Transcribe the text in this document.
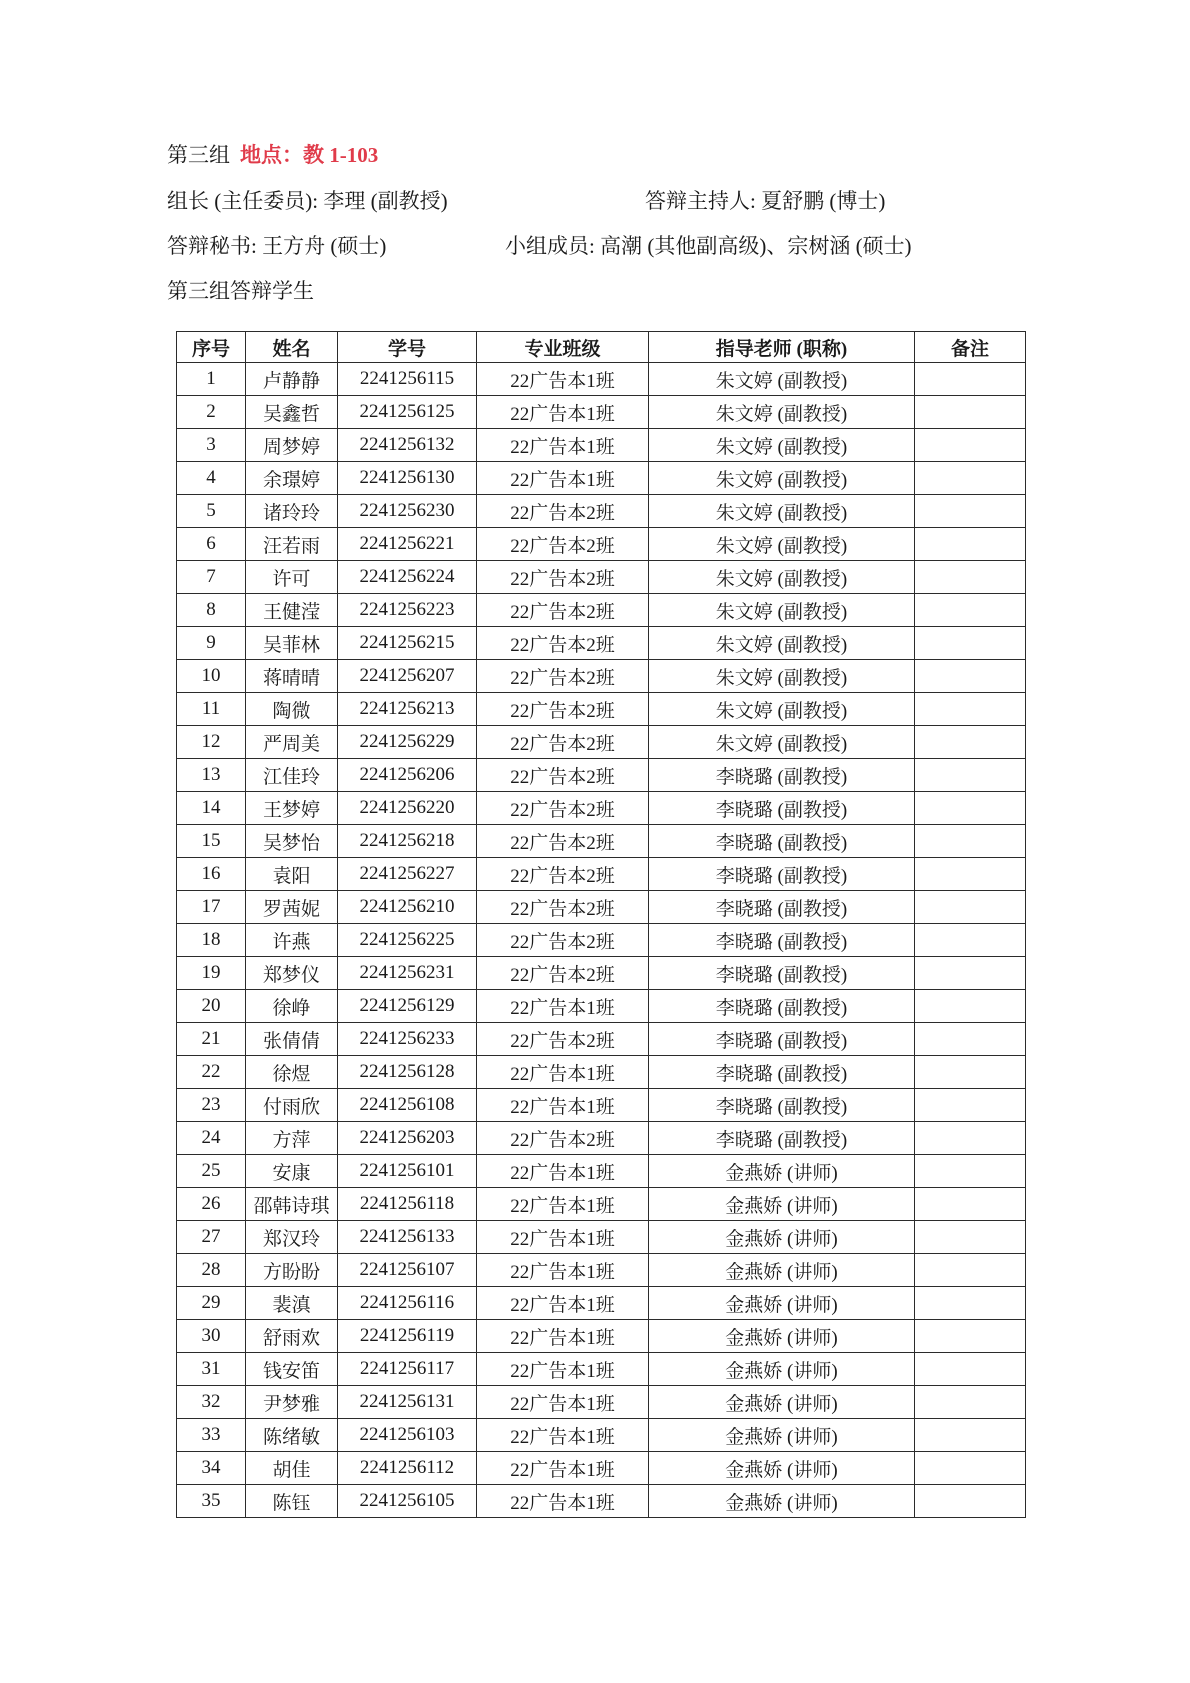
第三组 地点：教 1-103
组长 (主任委员): 李理 (副教授)	答辩主持人: 夏舒鹏 (博士)
答辩秘书: 王方舟 (硕士)	小组成员: 高潮 (其他副高级)、宗树涵 (硕士)
第三组答辩学生
序号	姓名	学号	专业班级	指导老师 (职称)	备注
1	卢静静	2241256115	22广告本1班	朱文婷 (副教授)	
2	吴鑫哲	2241256125	22广告本1班	朱文婷 (副教授)	
3	周梦婷	2241256132	22广告本1班	朱文婷 (副教授)	
4	余璟婷	2241256130	22广告本1班	朱文婷 (副教授)	
5	诸玲玲	2241256230	22广告本2班	朱文婷 (副教授)	
6	汪若雨	2241256221	22广告本2班	朱文婷 (副教授)	
7	许可	2241256224	22广告本2班	朱文婷 (副教授)	
8	王健滢	2241256223	22广告本2班	朱文婷 (副教授)	
9	吴菲林	2241256215	22广告本2班	朱文婷 (副教授)	
10	蒋晴晴	2241256207	22广告本2班	朱文婷 (副教授)	
11	陶微	2241256213	22广告本2班	朱文婷 (副教授)	
12	严周美	2241256229	22广告本2班	朱文婷 (副教授)	
13	江佳玲	2241256206	22广告本2班	李晓璐 (副教授)	
14	王梦婷	2241256220	22广告本2班	李晓璐 (副教授)	
15	吴梦怡	2241256218	22广告本2班	李晓璐 (副教授)	
16	袁阳	2241256227	22广告本2班	李晓璐 (副教授)	
17	罗茜妮	2241256210	22广告本2班	李晓璐 (副教授)	
18	许燕	2241256225	22广告本2班	李晓璐 (副教授)	
19	郑梦仪	2241256231	22广告本2班	李晓璐 (副教授)	
20	徐峥	2241256129	22广告本1班	李晓璐 (副教授)	
21	张倩倩	2241256233	22广告本2班	李晓璐 (副教授)	
22	徐煜	2241256128	22广告本1班	李晓璐 (副教授)	
23	付雨欣	2241256108	22广告本1班	李晓璐 (副教授)	
24	方萍	2241256203	22广告本2班	李晓璐 (副教授)	
25	安康	2241256101	22广告本1班	金燕娇 (讲师)	
26	邵韩诗琪	2241256118	22广告本1班	金燕娇 (讲师)	
27	郑汉玲	2241256133	22广告本1班	金燕娇 (讲师)	
28	方盼盼	2241256107	22广告本1班	金燕娇 (讲师)	
29	裴滇	2241256116	22广告本1班	金燕娇 (讲师)	
30	舒雨欢	2241256119	22广告本1班	金燕娇 (讲师)	
31	钱安笛	2241256117	22广告本1班	金燕娇 (讲师)	
32	尹梦雅	2241256131	22广告本1班	金燕娇 (讲师)	
33	陈绪敏	2241256103	22广告本1班	金燕娇 (讲师)	
34	胡佳	2241256112	22广告本1班	金燕娇 (讲师)	
35	陈钰	2241256105	22广告本1班	金燕娇 (讲师)	
